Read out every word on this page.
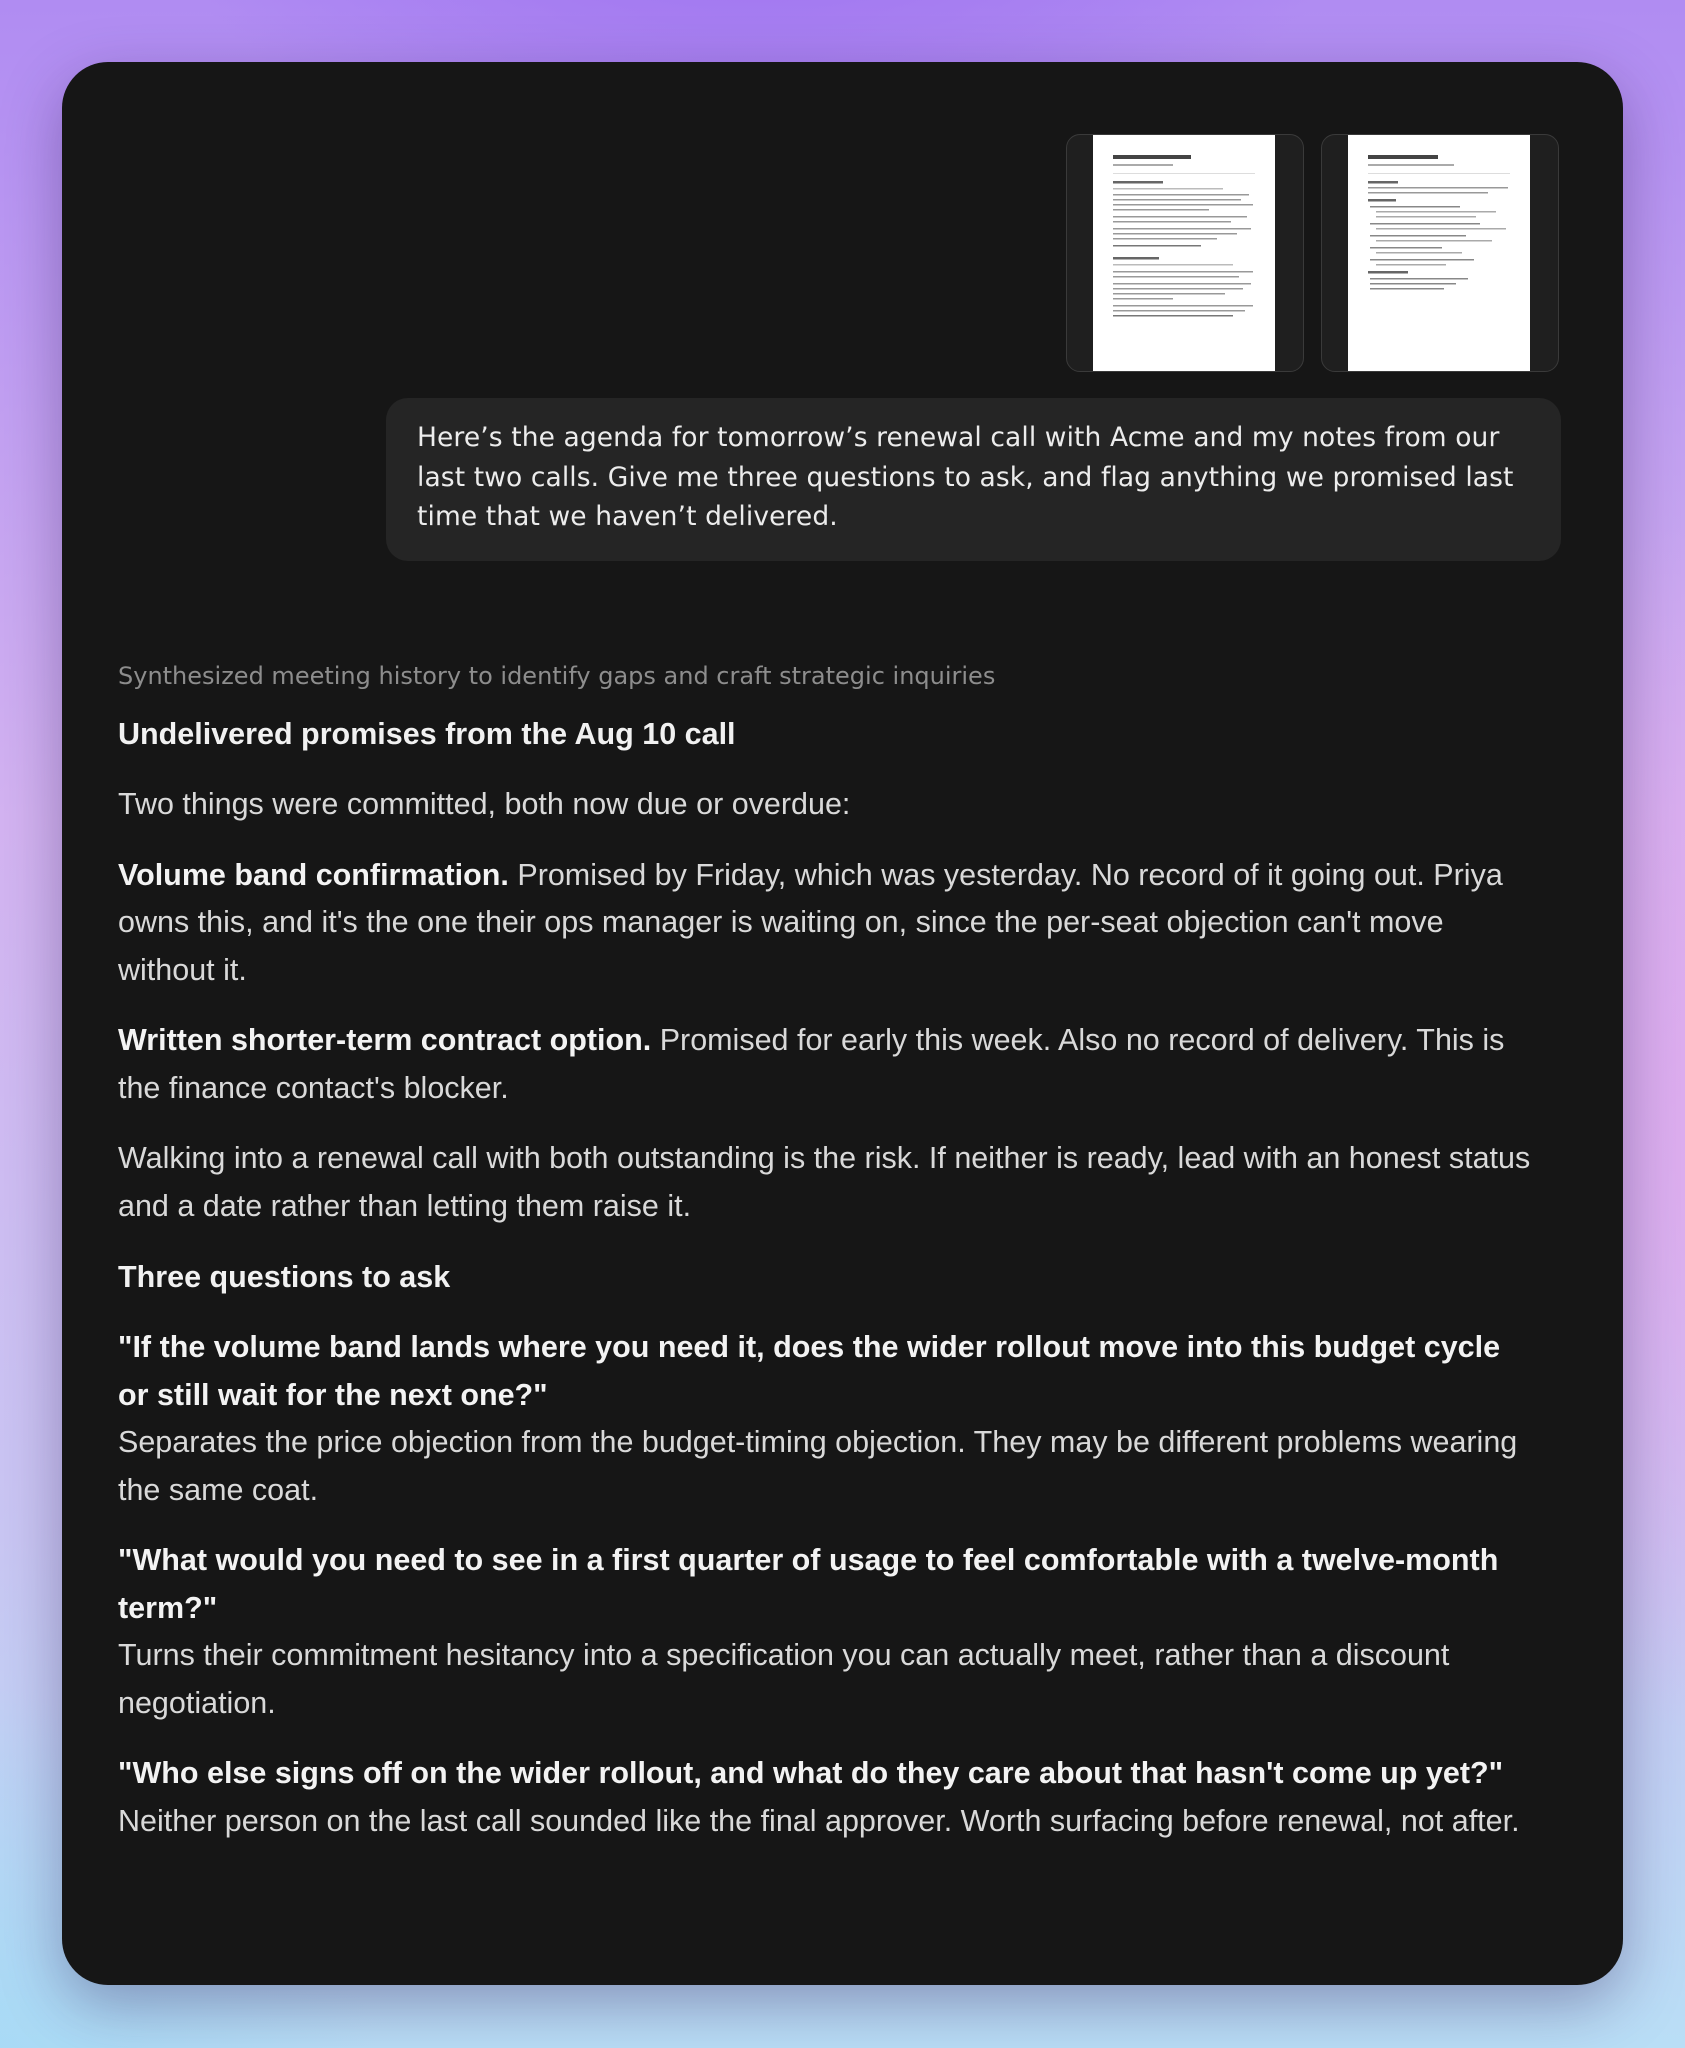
Here’s the agenda for tomorrow’s renewal call with Acme and my notes from our last two calls. Give me three questions to ask, and flag anything we promised last time that we haven’t delivered.
Synthesized meeting history to identify gaps and craft strategic inquiries
Undelivered promises from the Aug 10 call
Two things were committed, both now due or overdue:
Volume band confirmation. Promised by Friday, which was yesterday. No record of it going out. Priya owns this, and it's the one their ops manager is waiting on, since the per-seat objection can't move without it.
Written shorter-term contract option. Promised for early this week. Also no record of delivery. This is the finance contact's blocker.
Walking into a renewal call with both outstanding is the risk. If neither is ready, lead with an honest status and a date rather than letting them raise it.
Three questions to ask
"If the volume band lands where you need it, does the wider rollout move into this budget cycle or still wait for the next one?"
Separates the price objection from the budget-timing objection. They may be different problems wearing the same coat.
"What would you need to see in a first quarter of usage to feel comfortable with a twelve-month term?"
Turns their commitment hesitancy into a specification you can actually meet, rather than a discount negotiation.
"Who else signs off on the wider rollout, and what do they care about that hasn't come up yet?"
Neither person on the last call sounded like the final approver. Worth surfacing before renewal, not after.
